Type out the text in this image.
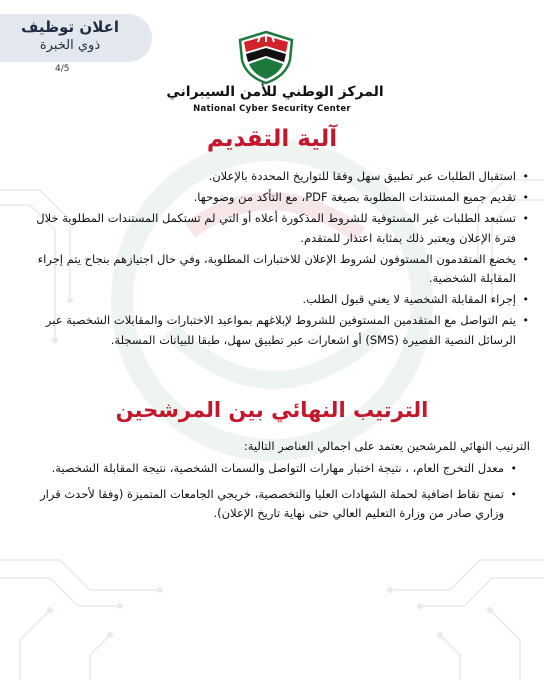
اعلان توظيف
ذوي الخبرة
4/5
المركز الوطني للأمن السيبراني
National Cyber Security Center
آلية التقديم
• استقبال الطلبات عبر تطبيق سهل وفقا للتواريخ المحددة بالإعلان.
• تقديم جميع المستندات المطلوبة بصيغة PDF، مع التأكد من وضوحها.
• تستبعد الطلبات غير المستوفية للشروط المذكورة أعلاه أو التي لم تستكمل المستندات المطلوبة خلال فترة الإعلان ويعتبر ذلك بمثابة اعتذار للمتقدم.
• يخضع المتقدمون المستوفون لشروط الإعلان للاختبارات المطلوبة، وفي حال اجتيازهم بنجاح يتم إجراء المقابلة الشخصية.
• إجراء المقابلة الشخصية لا يعني قبول الطلب.
• يتم التواصل مع المتقدمين المستوفين للشروط لإبلاغهم بمواعيد الاختبارات والمقابلات الشخصية عبر الرسائل النصية القصيرة (SMS) أو اشعارات عبر تطبيق سهل، طبقا للبيانات المسجلة.
الترتيب النهائي بين المرشحين
الترتيب النهائي للمرشحين يعتمد على اجمالي العناصر التالية:
• معدل التخرج العام، ، نتيجة اختبار مهارات التواصل والسمات الشخصية، نتيجة المقابلة الشخصية.
• تمنح نقاط اضافية لحملة الشهادات العليا والتخصصية، خريجي الجامعات المتميزة (وفقا لأحدث قرار وزاري صادر من وزارة التعليم العالي حتى نهاية تاريخ الإعلان).
